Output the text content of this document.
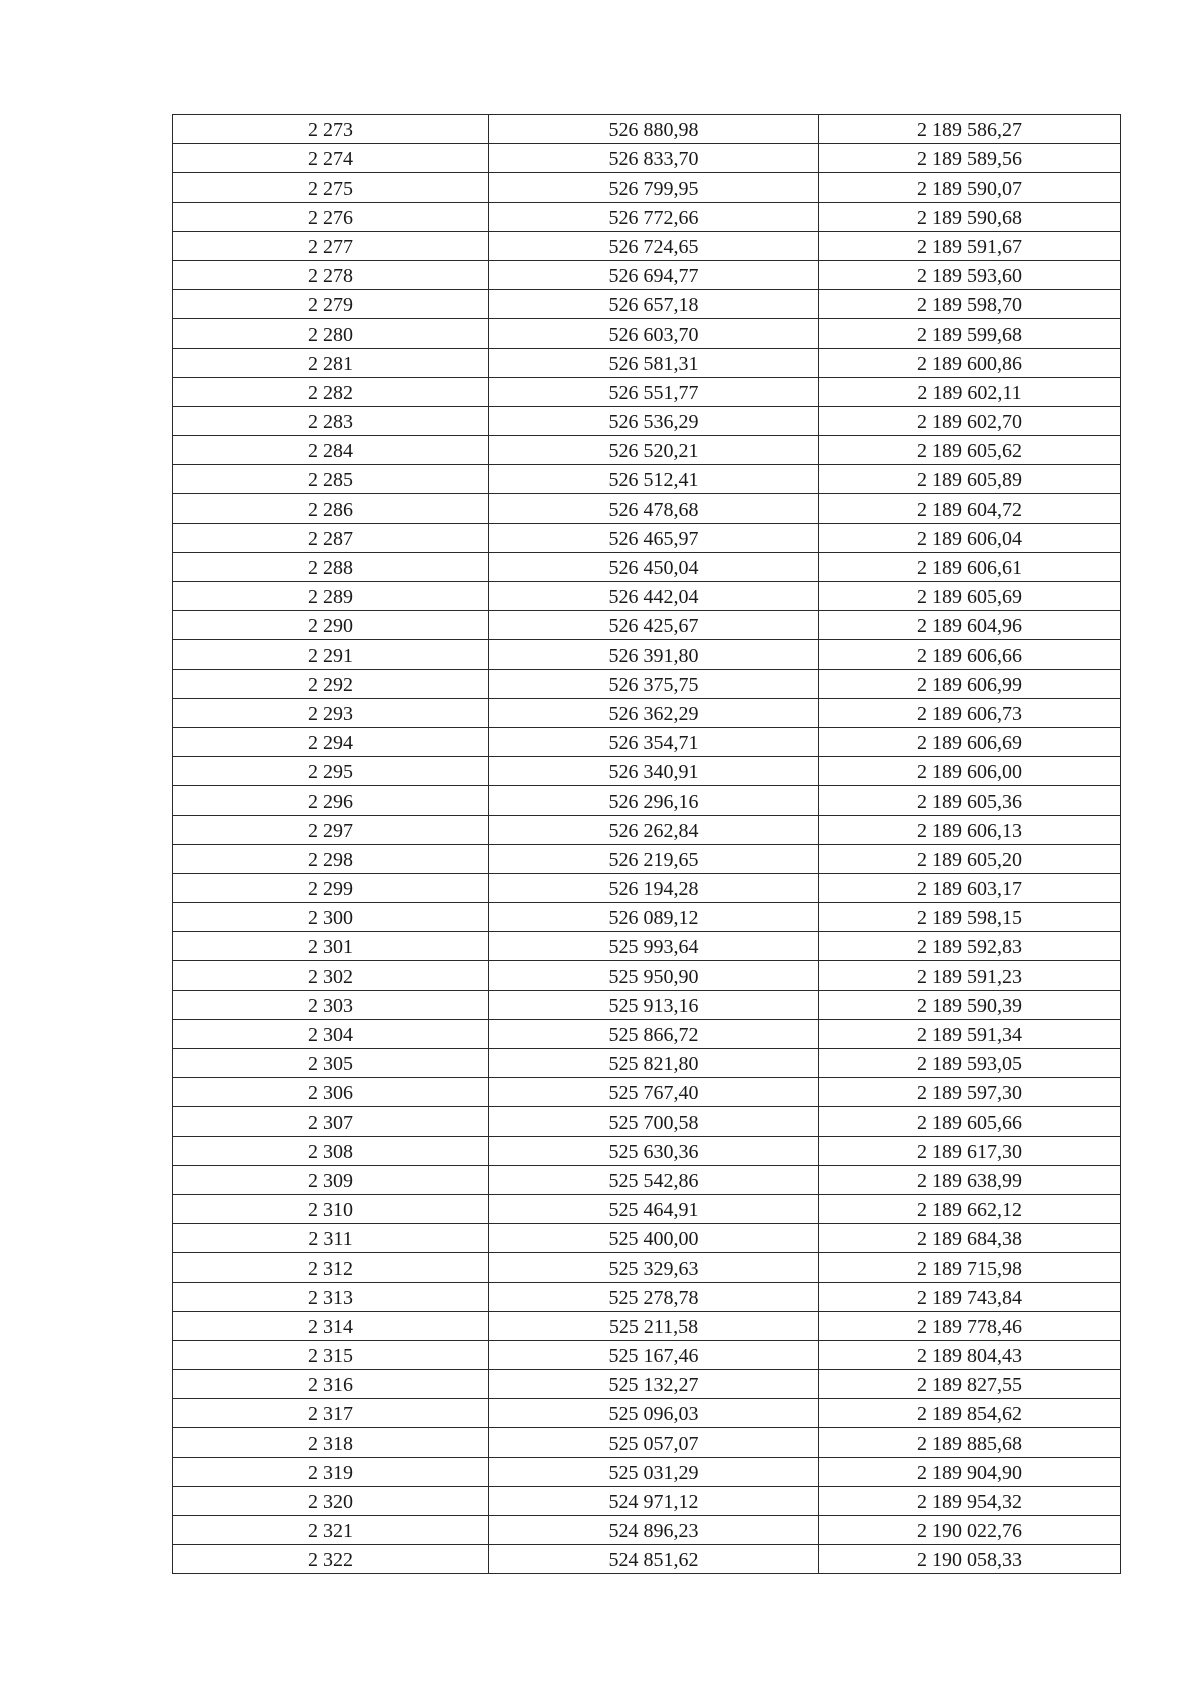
2 273	526 880,98	2 189 586,27
2 274	526 833,70	2 189 589,56
2 275	526 799,95	2 189 590,07
2 276	526 772,66	2 189 590,68
2 277	526 724,65	2 189 591,67
2 278	526 694,77	2 189 593,60
2 279	526 657,18	2 189 598,70
2 280	526 603,70	2 189 599,68
2 281	526 581,31	2 189 600,86
2 282	526 551,77	2 189 602,11
2 283	526 536,29	2 189 602,70
2 284	526 520,21	2 189 605,62
2 285	526 512,41	2 189 605,89
2 286	526 478,68	2 189 604,72
2 287	526 465,97	2 189 606,04
2 288	526 450,04	2 189 606,61
2 289	526 442,04	2 189 605,69
2 290	526 425,67	2 189 604,96
2 291	526 391,80	2 189 606,66
2 292	526 375,75	2 189 606,99
2 293	526 362,29	2 189 606,73
2 294	526 354,71	2 189 606,69
2 295	526 340,91	2 189 606,00
2 296	526 296,16	2 189 605,36
2 297	526 262,84	2 189 606,13
2 298	526 219,65	2 189 605,20
2 299	526 194,28	2 189 603,17
2 300	526 089,12	2 189 598,15
2 301	525 993,64	2 189 592,83
2 302	525 950,90	2 189 591,23
2 303	525 913,16	2 189 590,39
2 304	525 866,72	2 189 591,34
2 305	525 821,80	2 189 593,05
2 306	525 767,40	2 189 597,30
2 307	525 700,58	2 189 605,66
2 308	525 630,36	2 189 617,30
2 309	525 542,86	2 189 638,99
2 310	525 464,91	2 189 662,12
2 311	525 400,00	2 189 684,38
2 312	525 329,63	2 189 715,98
2 313	525 278,78	2 189 743,84
2 314	525 211,58	2 189 778,46
2 315	525 167,46	2 189 804,43
2 316	525 132,27	2 189 827,55
2 317	525 096,03	2 189 854,62
2 318	525 057,07	2 189 885,68
2 319	525 031,29	2 189 904,90
2 320	524 971,12	2 189 954,32
2 321	524 896,23	2 190 022,76
2 322	524 851,62	2 190 058,33
